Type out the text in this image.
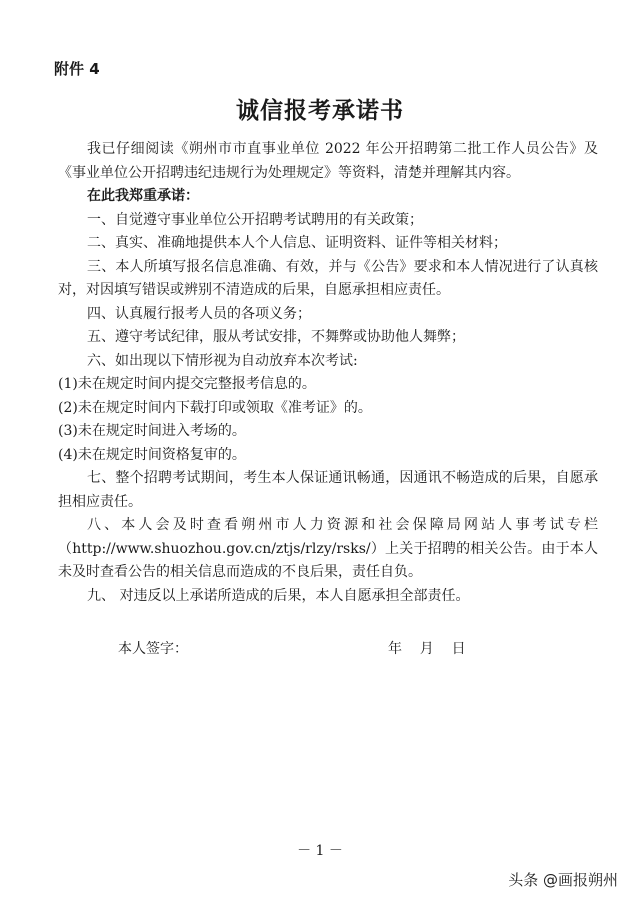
附件 4
诚信报考承诺书

我已仔细阅读《朔州市市直事业单位 2022 年公开招聘第二批工作人员公告》及《事业单位公开招聘违纪违规行为处理规定》等资料，清楚并理解其内容。

在此我郑重承诺：

一、自觉遵守事业单位公开招聘考试聘用的有关政策；

二、真实、准确地提供本人个人信息、证明资料、证件等相关材料；

三、本人所填写报名信息准确、有效，并与《公告》要求和本人情况进行了认真核对，对因填写错误或辨别不清造成的后果，自愿承担相应责任。

四、认真履行报考人员的各项义务；

五、遵守考试纪律，服从考试安排，不舞弊或协助他人舞弊；

六、如出现以下情形视为自动放弃本次考试:

(1)未在规定时间内提交完整报考信息的。

(2)未在规定时间内下载打印或领取《准考证》的。

(3)未在规定时间进入考场的。

(4)未在规定时间资格复审的。

七、整个招聘考试期间，考生本人保证通讯畅通，因通讯不畅造成的后果，自愿承担相应责任。

八、本人会及时查看朔州市人力资源和社会保障局网站人事考试专栏（http://www.shuozhou.gov.cn/ztjs/rlzy/rsks/）上关于招聘的相关公告。由于本人未及时查看公告的相关信息而造成的不良后果，责任自负。

九、 对违反以上承诺所造成的后果，本人自愿承担全部责任。

本人签字：	年    月    日
－ 1 －
头条 @画报朔州
